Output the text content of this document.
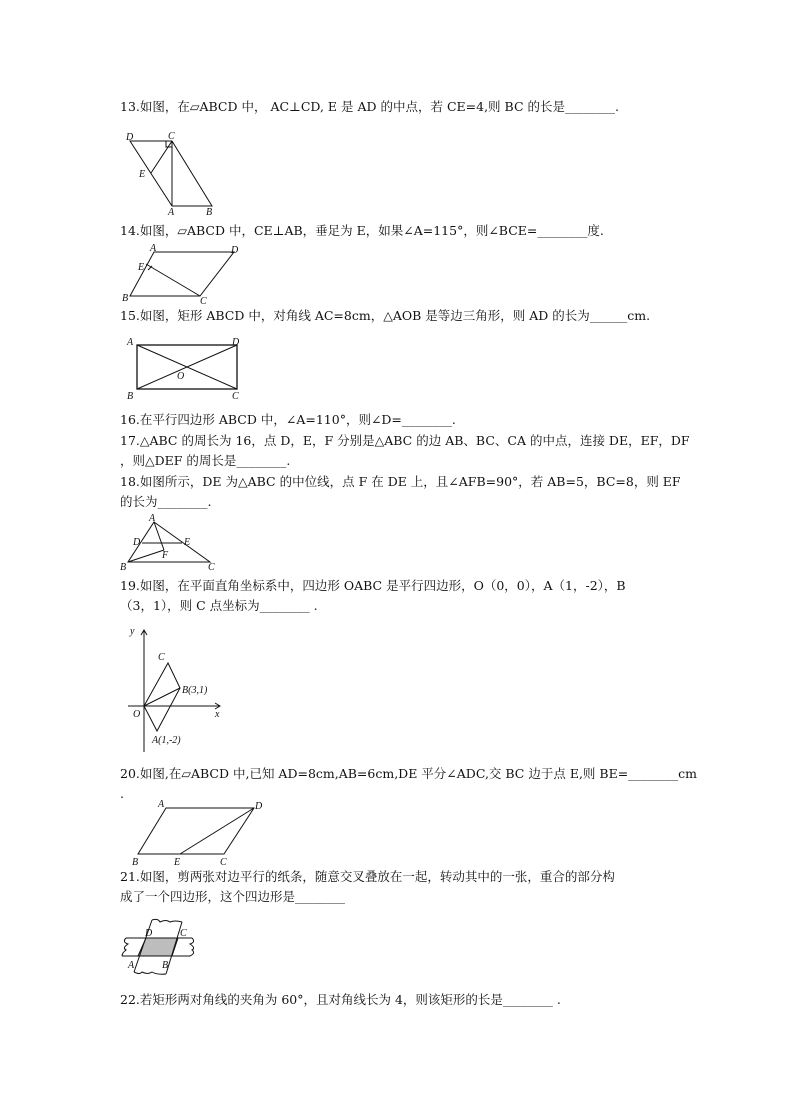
13.如图，在▱ABCD 中， AC⊥CD, E 是 AD 的中点，若 CE=4,则 BC 的长是________.
D	C
E
A	B
14.如图，▱ABCD 中，CE⊥AB，垂足为 E，如果∠A=115°，则∠BCE=________度.
A	D
E
B	C
15.如图，矩形 ABCD 中，对角线 AC=8cm，△AOB 是等边三角形，则 AD 的长为______cm.
A	D
O
B	C
16.在平行四边形 ABCD 中，∠A=110°，则∠D=________.
17.△ABC 的周长为 16，点 D，E，F 分别是△ABC 的边 AB、BC、CA 的中点，连接 DE，EF，DF
，则△DEF 的周长是________.
18.如图所示，DE 为△ABC 的中位线，点 F 在 DE 上，且∠AFB=90°，若 AB=5，BC=8，则 EF
的长为________.
A
D	E
F
B	C
19.如图，在平面直角坐标系中，四边形 OABC 是平行四边形，O（0，0），A（1，-2），B
（3，1），则 C 点坐标为________ .
y
C
B(3,1)
O	x
A(1,-2)
20.如图,在▱ABCD 中,已知 AD=8cm,AB=6cm,DE 平分∠ADC,交 BC 边于点 E,则 BE=________cm
.
A	D
B	E	C
21.如图，剪两张对边平行的纸条，随意交叉叠放在一起，转动其中的一张，重合的部分构
成了一个四边形，这个四边形是________
D	C
A	B
22.若矩形两对角线的夹角为 60°，且对角线长为 4，则该矩形的长是________ .
